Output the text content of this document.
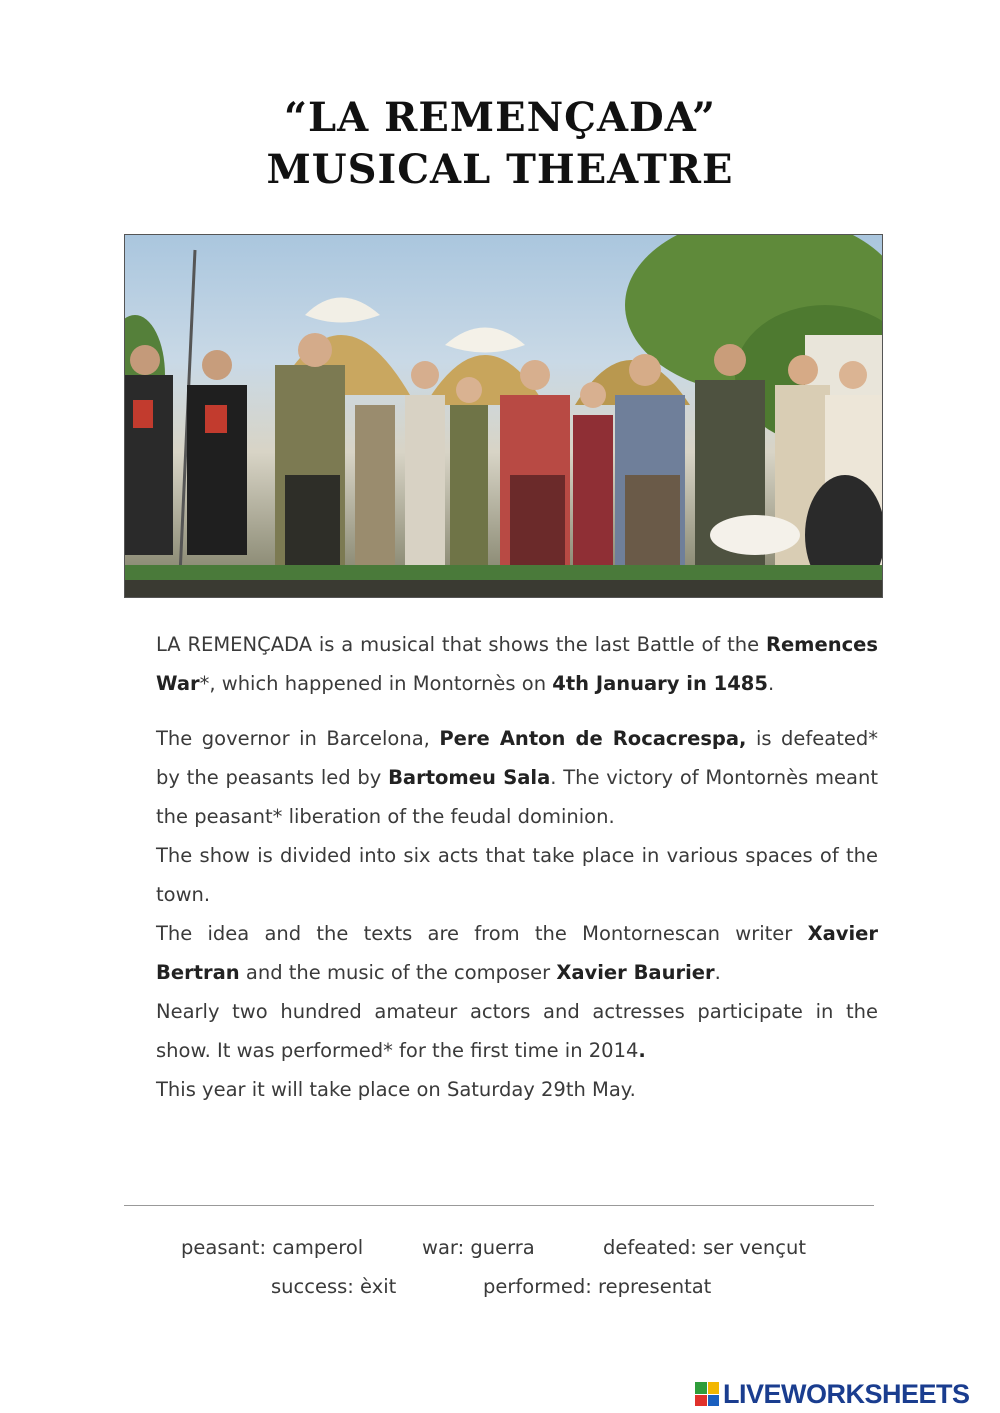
“LA REMENÇADA”
MUSICAL THEATRE

LA REMENÇADA is a musical that shows the last Battle of the Remences War*, which happened in Montornès on 4th January in 1485.

The governor in Barcelona, Pere Anton de Rocacrespa, is defeated* by the peasants led by Bartomeu Sala. The victory of Montornès meant the peasant* liberation of the feudal dominion.

The show is divided into six acts that take place in various spaces of the town.

The idea and the texts are from the Montornescan writer Xavier Bertran and the music of the composer Xavier Baurier.

Nearly two hundred amateur actors and actresses participate in the show. It was performed* for the first time in 2014.

This year it will take place on Saturday 29th May.

peasant: camperol	war: guerra	defeated: ser vençut
success: èxit	performed: representat
LIVEWORKSHEETS
